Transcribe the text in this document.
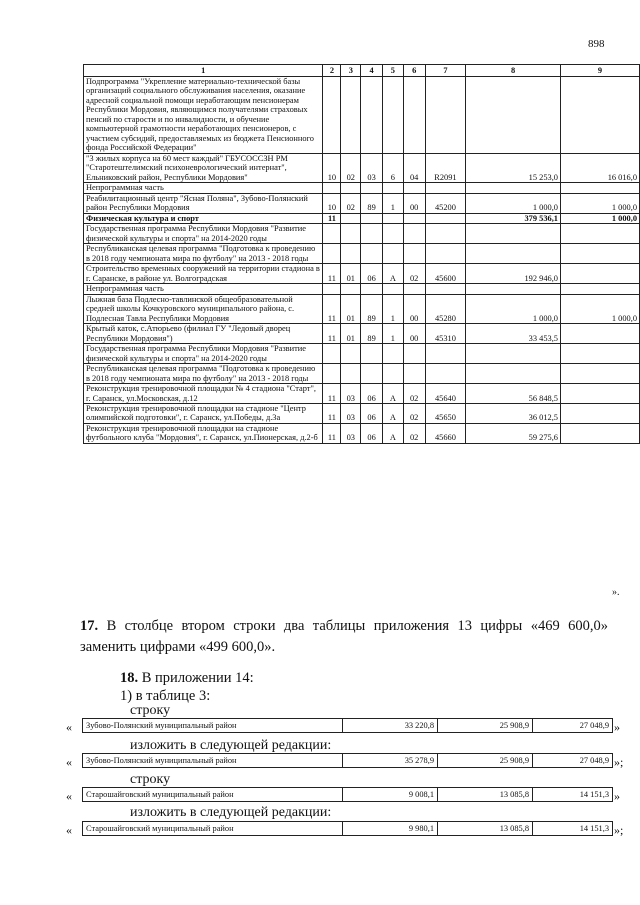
898
1	2	3	4	5	6	7	8	9
Подпрограмма "Укрепление материально-технической базы организаций социального обслуживания населения, оказание адресной социальной помощи неработающим пенсионерам Республики Мордовия, являющимся получателями страховых пенсий по старости и по инвалидности, и обучение компьютерной грамотности неработающих пенсионеров, с участием субсидий, предоставляемых из бюджета Пенсионного фонда Российской Федерации"								
"3 жилых корпуса на 60 мест каждый" ГБУСОССЗН РМ "Старотештелимский психоневрологический интернат", Ельниковский район, Республики Мордовия"	10	02	03	6	04	R2091	15 253,0	16 016,0
Непрограммная часть								
Реабилитационный центр "Ясная Поляна", Зубово-Полянский район Республики Мордовия	10	02	89	1	00	45200	1 000,0	1 000,0
Физическая культура и спорт	11						379 536,1	1 000,0
Государственная программа Республики Мордовия "Развитие физической культуры и спорта" на 2014-2020 годы								
Республиканская целевая программа "Подготовка к проведению в 2018 году чемпионата мира по футболу" на 2013 - 2018 годы								
Строительство временных сооружений на территории стадиона в г. Саранске, в районе ул. Волгоградская	11	01	06	А	02	45600	192 946,0	
Непрограммная часть								
Лыжная база Подлесно-тавлинской общеобразовательной средней школы Кочкуровского муниципального района, с. Подлесная Тавла Республики Мордовия	11	01	89	1	00	45280	1 000,0	1 000,0
Крытый каток, с.Атюрьево (филиал ГУ "Ледовый дворец Республики Мордовия")	11	01	89	1	00	45310	33 453,5	
Государственная программа Республики Мордовия "Развитие физической культуры и спорта" на 2014-2020 годы								
Республиканская целевая программа "Подготовка к проведению в 2018 году чемпионата мира по футболу" на 2013 - 2018 годы								
Реконструкция тренировочной площадки № 4 стадиона "Старт", г. Саранск, ул.Московская, д.12	11	03	06	А	02	45640	56 848,5	
Реконструкция тренировочной площадки на стадионе "Центр олимпийской подготовки", г. Саранск, ул.Победы, д.3а	11	03	06	А	02	45650	36 012,5	
Реконструкция тренировочной площадки на стадионе футбольного клуба "Мордовия", г. Саранск, ул.Пионерская, д.2-б	11	03	06	А	02	45660	59 275,6	
».
17. В столбце втором строки два таблицы приложения 13 цифры «469 600,0» заменить цифрами «499 600,0».
18. В приложении 14:
1) в таблице 3:
строку
« Зубово-Полянский муниципальный район	33 220,8	25 908,9	27 048,9 »
изложить в следующей редакции:
« Зубово-Полянский муниципальный район	35 278,9	25 908,9	27 048,9 »;
строку
« Старошайговский муниципальный район	9 008,1	13 085,8	14 151,3 »
изложить в следующей редакции:
« Старошайговский муниципальный район	9 980,1	13 085,8	14 151,3 »;
